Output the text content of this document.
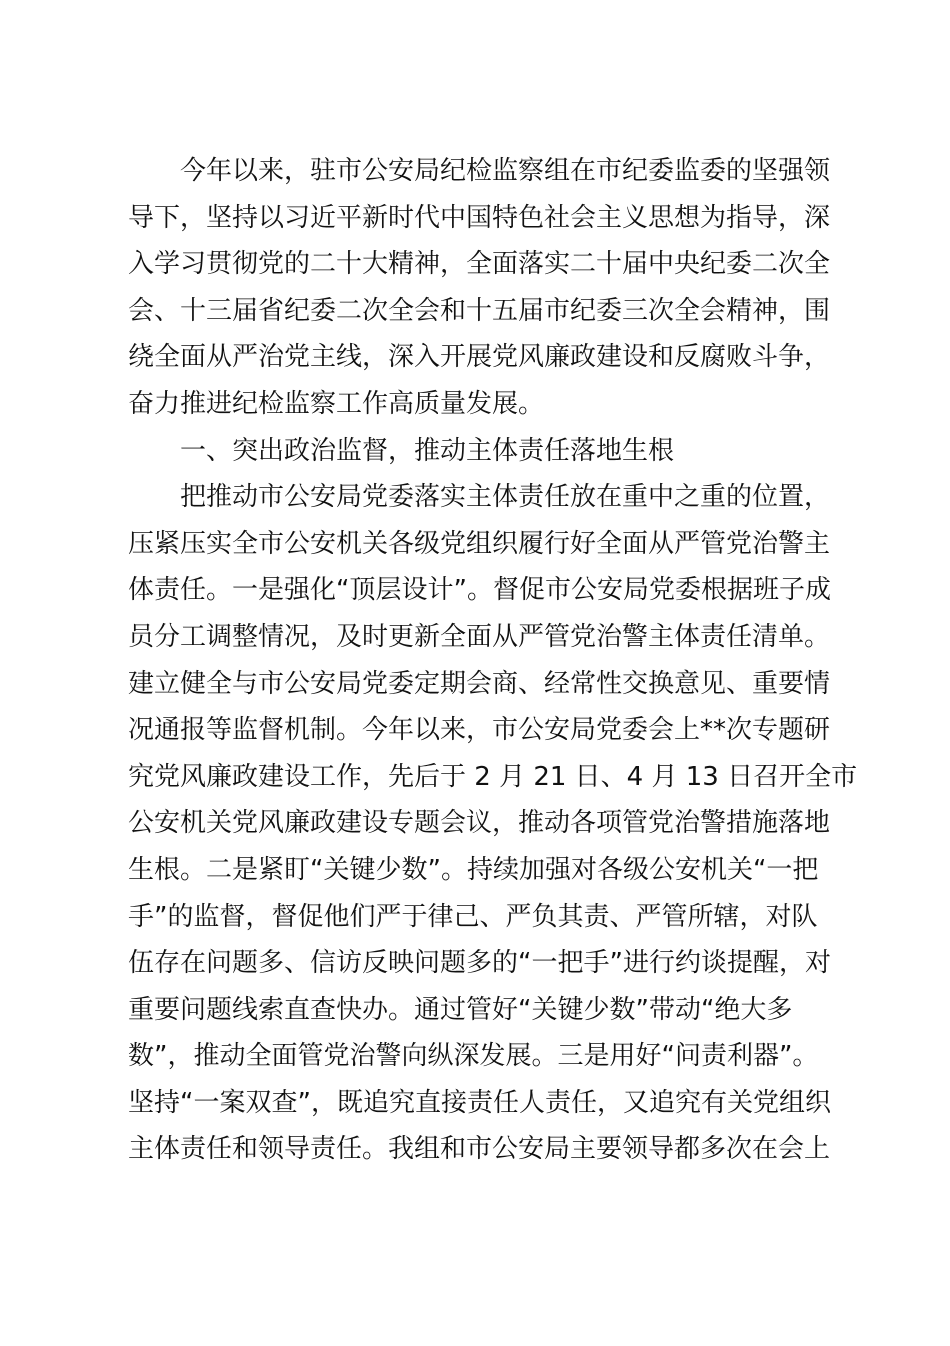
今年以来，驻市公安局纪检监察组在市纪委监委的坚强领
导下，坚持以习近平新时代中国特色社会主义思想为指导，深
入学习贯彻党的二十大精神，全面落实二十届中央纪委二次全
会、十三届省纪委二次全会和十五届市纪委三次全会精神，围
绕全面从严治党主线，深入开展党风廉政建设和反腐败斗争，
奋力推进纪检监察工作高质量发展。
一、突出政治监督，推动主体责任落地生根
把推动市公安局党委落实主体责任放在重中之重的位置，
压紧压实全市公安机关各级党组织履行好全面从严管党治警主
体责任。一是强化“顶层设计”。督促市公安局党委根据班子成
员分工调整情况，及时更新全面从严管党治警主体责任清单。
建立健全与市公安局党委定期会商、经常性交换意见、重要情
况通报等监督机制。今年以来，市公安局党委会上**次专题研
究党风廉政建设工作，先后于 2 月 21 日、4 月 13 日召开全市
公安机关党风廉政建设专题会议，推动各项管党治警措施落地
生根。二是紧盯“关键少数”。持续加强对各级公安机关“一把
手”的监督，督促他们严于律己、严负其责、严管所辖，对队
伍存在问题多、信访反映问题多的“一把手”进行约谈提醒，对
重要问题线索直查快办。通过管好“关键少数”带动“绝大多
数”，推动全面管党治警向纵深发展。三是用好“问责利器”。
坚持“一案双查”，既追究直接责任人责任，又追究有关党组织
主体责任和领导责任。我组和市公安局主要领导都多次在会上
